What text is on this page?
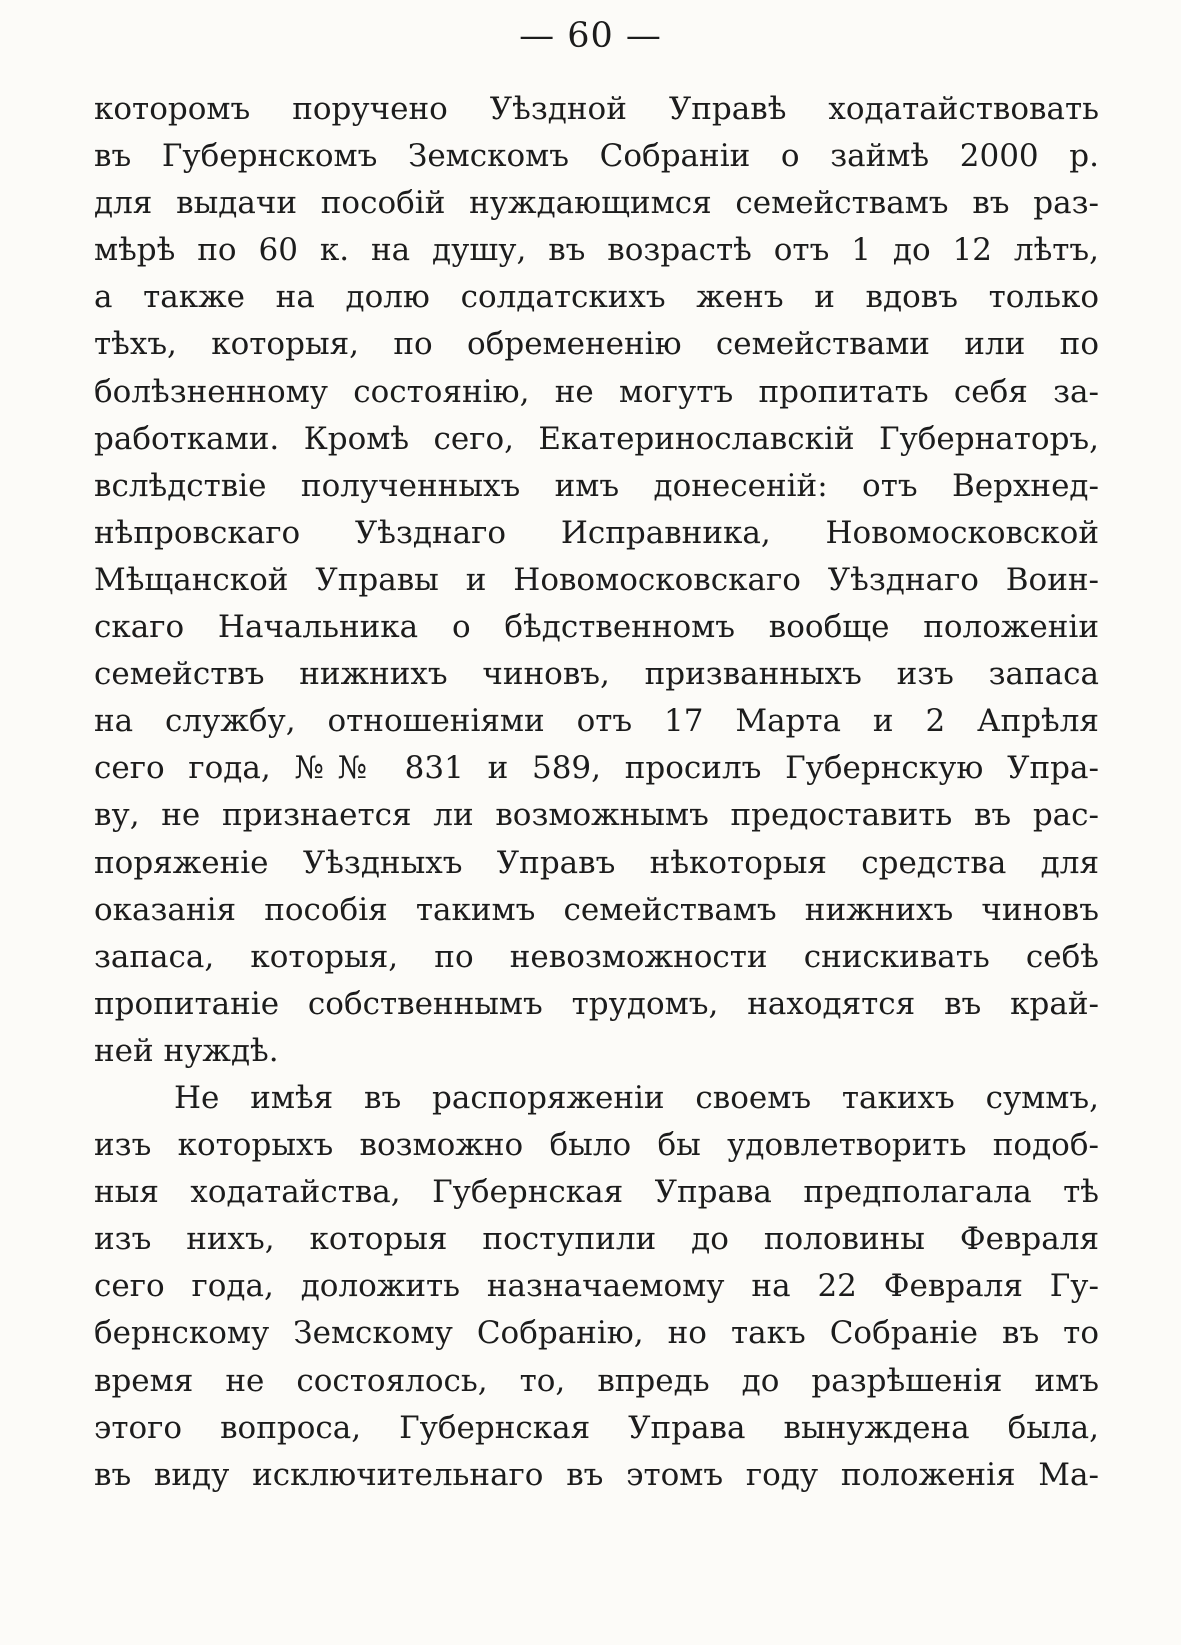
— 60 —
которомъ поручено Уѣздной Управѣ ходатайствовать
въ Губернскомъ Земскомъ Собраніи о займѣ 2000 р.
для выдачи пособій нуждающимся семействамъ въ раз-
мѣрѣ по 60 к. на душу, въ возрастѣ отъ 1 до 12 лѣтъ,
а также на долю солдатскихъ женъ и вдовъ только
тѣхъ, которыя, по обремененію семействами или по
болѣзненному состоянію, не могутъ пропитать себя за-
работками. Кромѣ сего, Екатеринославскій Губернаторъ,
вслѣдствіе полученныхъ имъ донесеній: отъ Верхнед-
нѣпровскаго Уѣзднаго Исправника, Новомосковской
Мѣщанской Управы и Новомосковскаго Уѣзднаго Воин-
скаго Начальника о бѣдственномъ вообще положеніи
семействъ нижнихъ чиновъ, призванныхъ изъ запаса
на службу, отношеніями отъ 17 Марта и 2 Апрѣля
сего года, №№ 831 и 589, просилъ Губернскую Упра-
ву, не признается ли возможнымъ предоставить въ рас-
поряженіе Уѣздныхъ Управъ нѣкоторыя средства для
оказанія пособія такимъ семействамъ нижнихъ чиновъ
запаса, которыя, по невозможности снискивать себѣ
пропитаніе собственнымъ трудомъ, находятся въ край-
ней нуждѣ.
Не имѣя въ распоряженіи своемъ такихъ суммъ,
изъ которыхъ возможно было бы удовлетворить подоб-
ныя ходатайства, Губернская Управа предполагала тѣ
изъ нихъ, которыя поступили до половины Февраля
сего года, доложить назначаемому на 22 Февраля Гу-
бернскому Земскому Собранію, но такъ Собраніе въ то
время не состоялось, то, впредь до разрѣшенія имъ
этого вопроса, Губернская Управа вынуждена была,
въ виду исключительнаго въ этомъ году положенія Ма-
